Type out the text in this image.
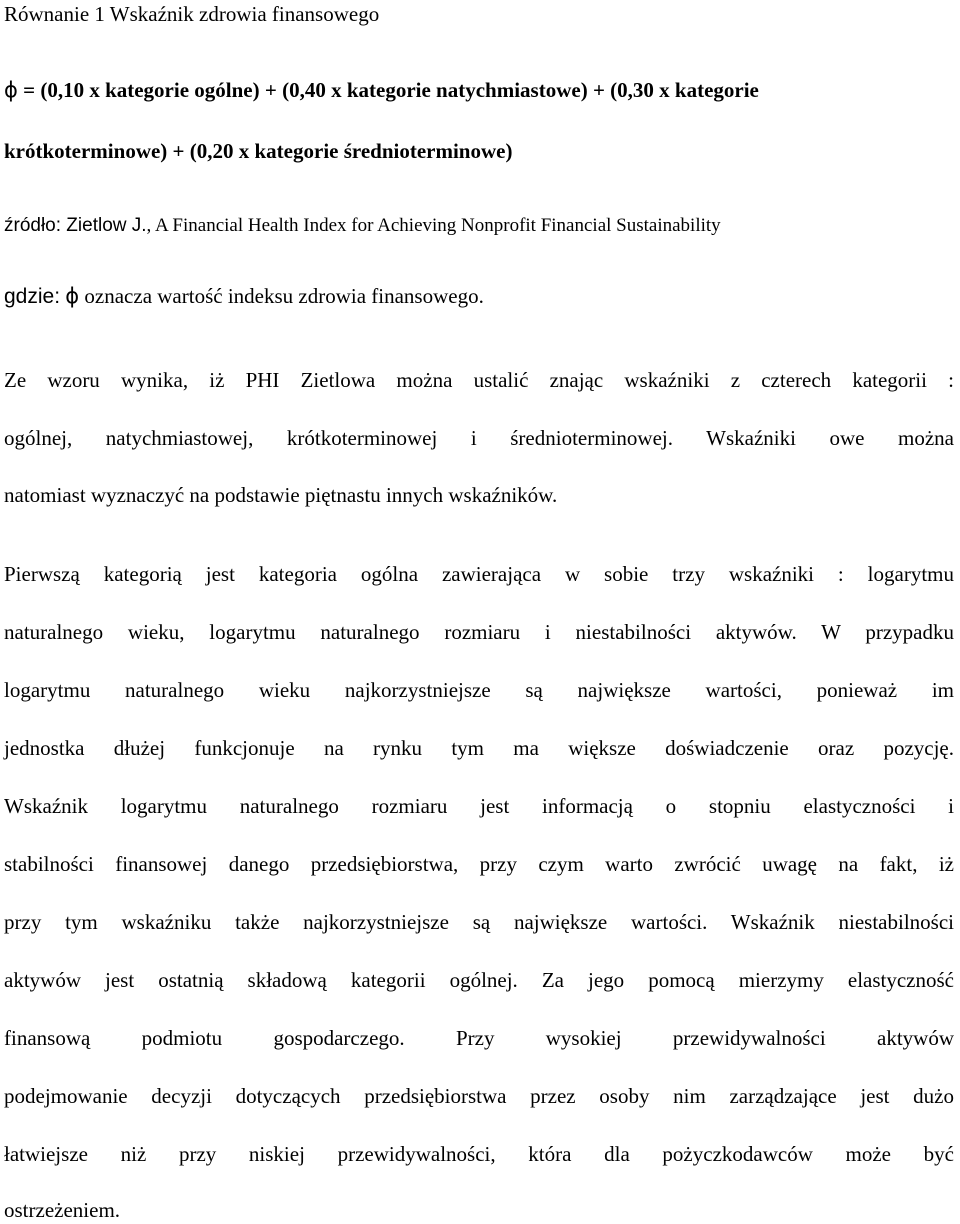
Równanie 1 Wskaźnik zdrowia finansowego
ϕ = (0,10 x kategorie ogólne) + (0,40 x kategorie natychmiastowe) + (0,30 x kategorie
krótkoterminowe) + (0,20 x kategorie średnioterminowe)
źródło: Zietlow J., A Financial Health Index for Achieving Nonprofit Financial Sustainability
gdzie: ϕ oznacza wartość indeksu zdrowia finansowego.
Ze wzoru wynika, iż PHI Zietlowa można ustalić znając wskaźniki z czterech kategorii :
ogólnej, natychmiastowej, krótkoterminowej i średnioterminowej. Wskaźniki owe można
natomiast wyznaczyć na podstawie piętnastu innych wskaźników.
Pierwszą kategorią jest kategoria ogólna zawierająca w sobie trzy wskaźniki : logarytmu
naturalnego wieku, logarytmu naturalnego rozmiaru i niestabilności aktywów. W przypadku
logarytmu naturalnego wieku najkorzystniejsze są największe wartości, ponieważ im
jednostka dłużej funkcjonuje na rynku tym ma większe doświadczenie oraz pozycję.
Wskaźnik logarytmu naturalnego rozmiaru jest informacją o stopniu elastyczności i
stabilności finansowej danego przedsiębiorstwa, przy czym warto zwrócić uwagę na fakt, iż
przy tym wskaźniku także najkorzystniejsze są największe wartości. Wskaźnik niestabilności
aktywów jest ostatnią składową kategorii ogólnej. Za jego pomocą mierzymy elastyczność
finansową podmiotu gospodarczego. Przy wysokiej przewidywalności aktywów
podejmowanie decyzji dotyczących przedsiębiorstwa przez osoby nim zarządzające jest dużo
łatwiejsze niż przy niskiej przewidywalności, która dla pożyczkodawców może być
ostrzeżeniem.
